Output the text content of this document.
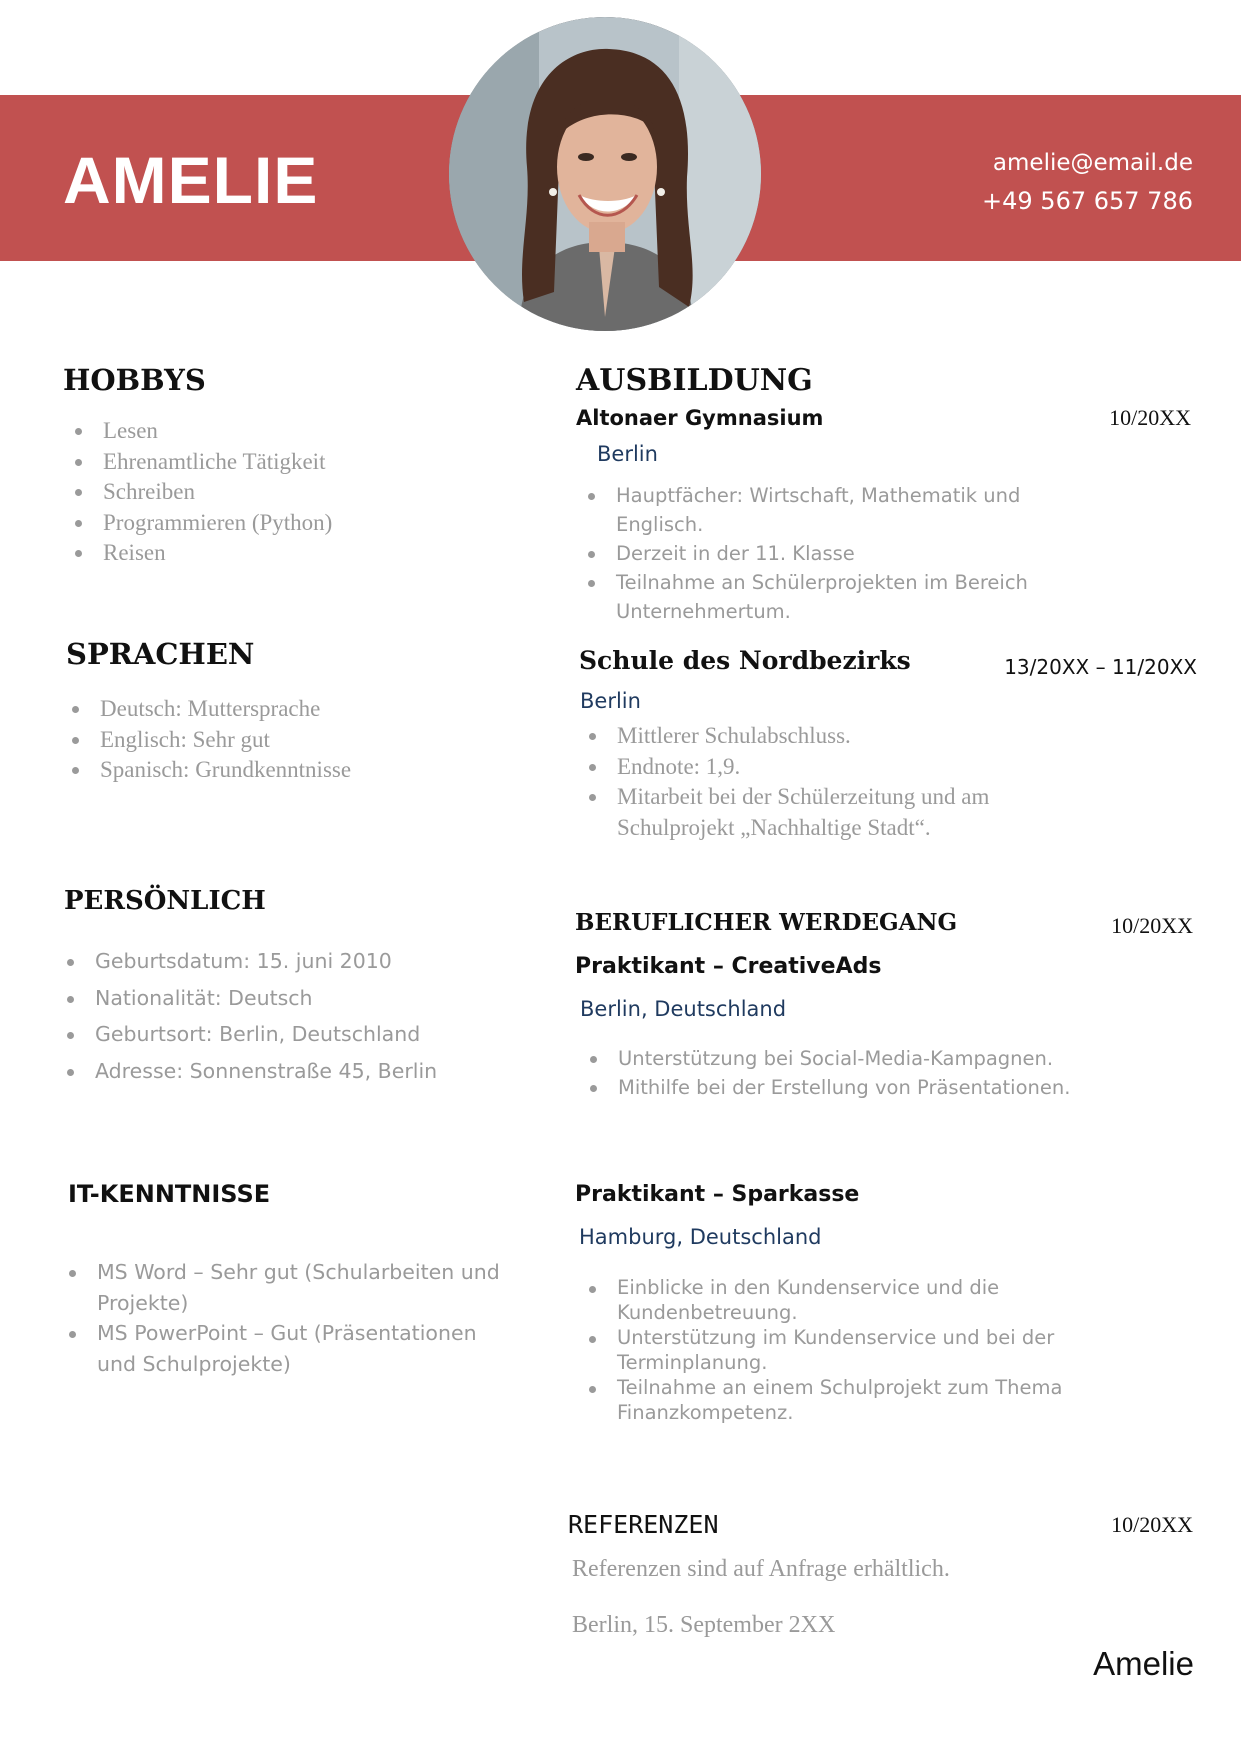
AMELIE	amelie@email.de
+49 567 657 786
HOBBYS
Lesen
Ehrenamtliche Tätigkeit
Schreiben
Programmieren (Python)
Reisen
SPRACHEN
Deutsch: Muttersprache
Englisch: Sehr gut
Spanisch: Grundkenntnisse
PERSÖNLICH
Geburtsdatum: 15. juni 2010
Nationalität: Deutsch
Geburtsort: Berlin, Deutschland
Adresse: Sonnenstraße 45, Berlin
IT-KENNTNISSE
MS Word – Sehr gut (Schularbeiten und Projekte)
MS PowerPoint – Gut (Präsentationen und Schulprojekte)
AUSBILDUNG
Altonaer Gymnasium	10/20XX
Berlin
Hauptfächer: Wirtschaft, Mathematik und Englisch.
Derzeit in der 11. Klasse
Teilnahme an Schülerprojekten im Bereich Unternehmertum.
Schule des Nordbezirks	13/20XX – 11/20XX
Berlin
Mittlerer Schulabschluss.
Endnote: 1,9.
Mitarbeit bei der Schülerzeitung und am Schulprojekt „Nachhaltige Stadt“.
BERUFLICHER WERDEGANG	10/20XX
Praktikant – CreativeAds
Berlin, Deutschland
Unterstützung bei Social-Media-Kampagnen.
Mithilfe bei der Erstellung von Präsentationen.
Praktikant – Sparkasse
Hamburg, Deutschland
Einblicke in den Kundenservice und die Kundenbetreuung.
Unterstützung im Kundenservice und bei der Terminplanung.
Teilnahme an einem Schulprojekt zum Thema Finanzkompetenz.
REFERENZEN	10/20XX
Referenzen sind auf Anfrage erhältlich.
Berlin, 15. September 2XX
Amelie
